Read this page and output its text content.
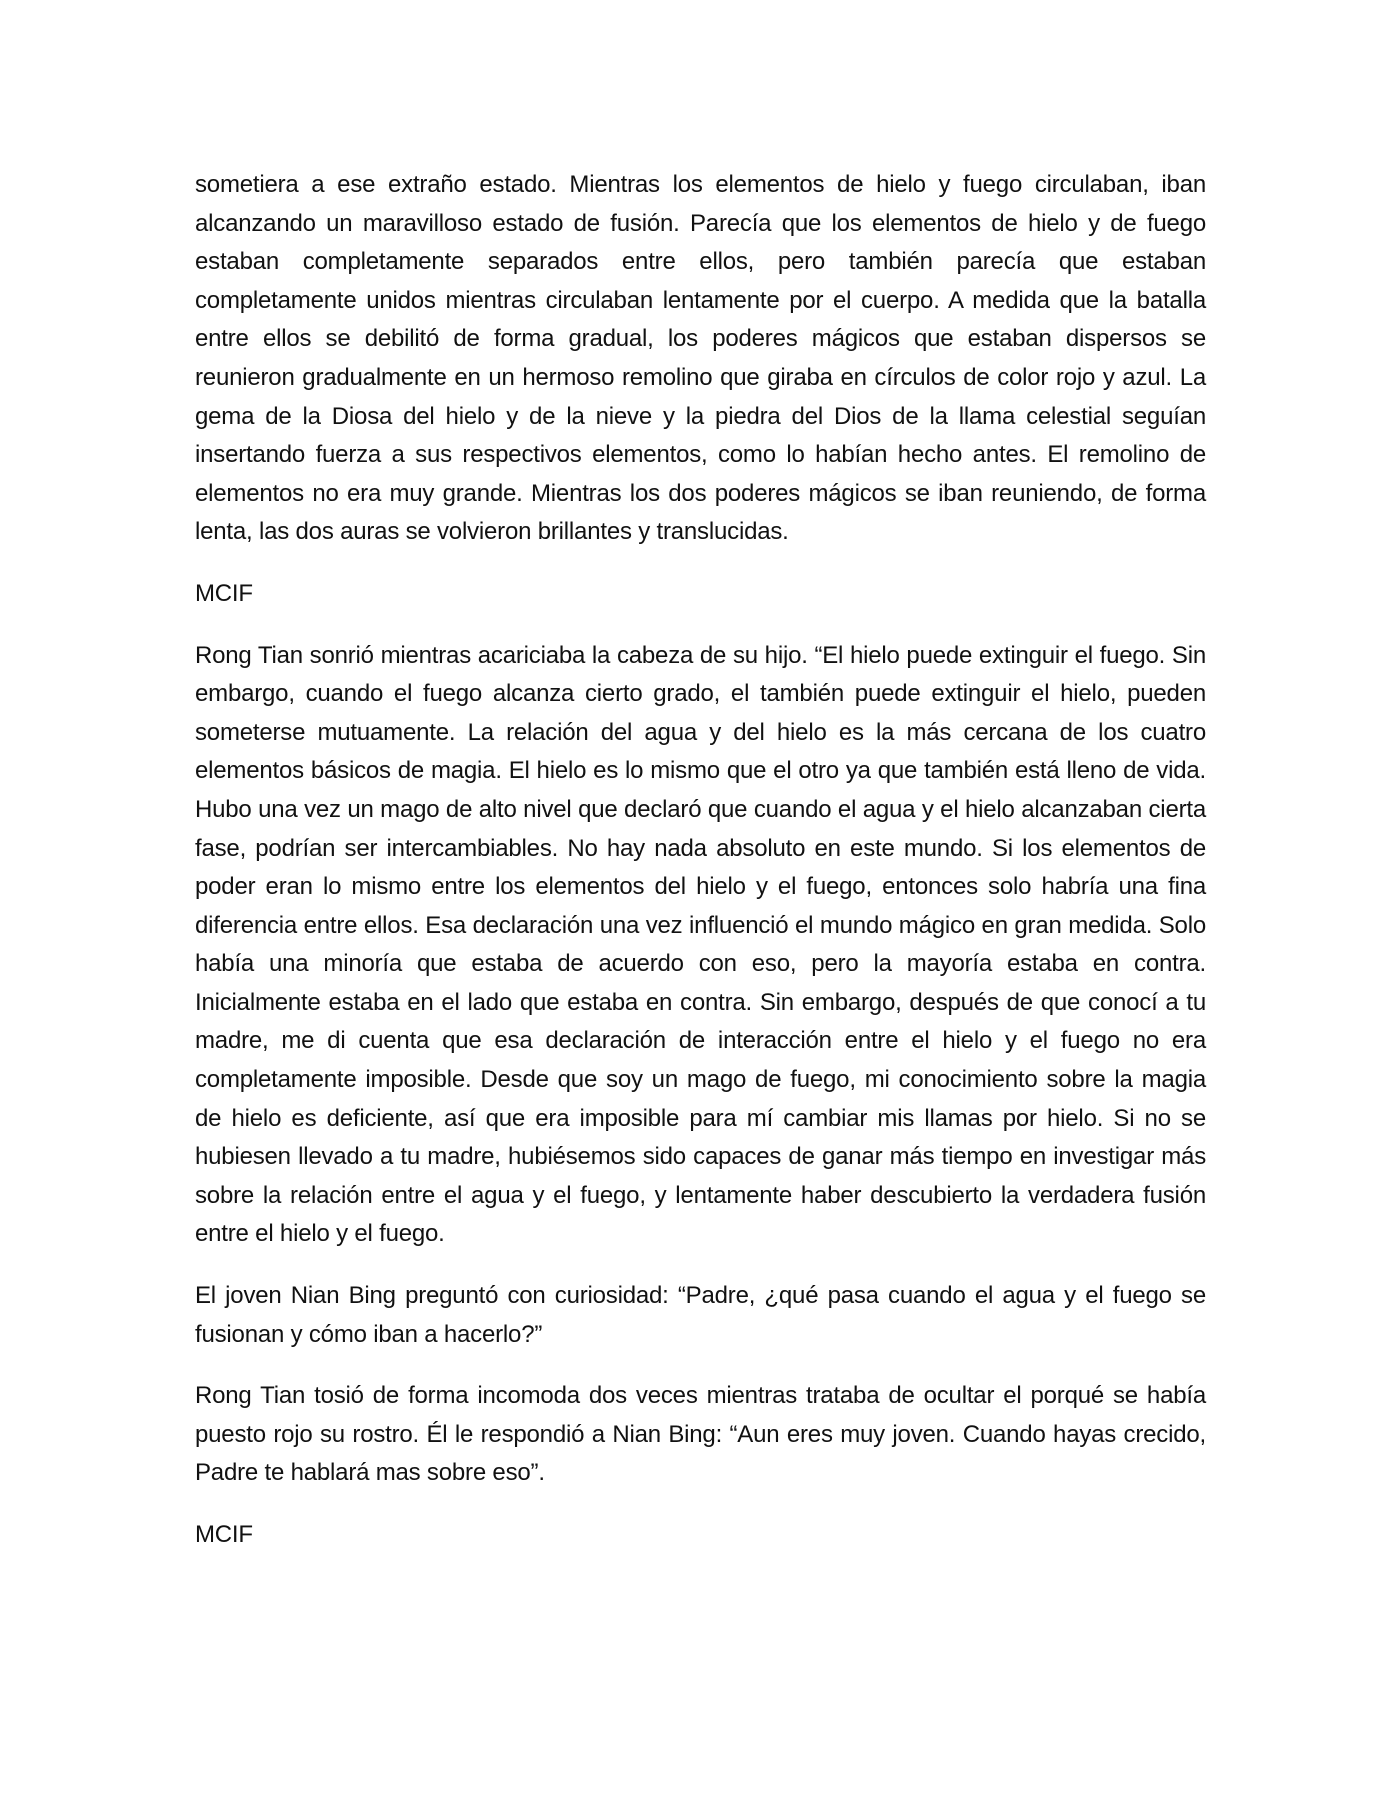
sometiera a ese extraño estado. Mientras los elementos de hielo y fuego circulaban, iban alcanzando un maravilloso estado de fusión. Parecía que los elementos de hielo y de fuego estaban completamente separados entre ellos, pero también parecía que estaban completamente unidos mientras circulaban lentamente por el cuerpo. A medida que la batalla entre ellos se debilitó de forma gradual, los poderes mágicos que estaban dispersos se reunieron gradualmente en un hermoso remolino que giraba en círculos de color rojo y azul. La gema de la Diosa del hielo y de la nieve y la piedra del Dios de la llama celestial seguían insertando fuerza a sus respectivos elementos, como lo habían hecho antes. El remolino de elementos no era muy grande. Mientras los dos poderes mágicos se iban reuniendo, de forma lenta, las dos auras se volvieron brillantes y translucidas.

MCIF

Rong Tian sonrió mientras acariciaba la cabeza de su hijo. “El hielo puede extinguir el fuego. Sin embargo, cuando el fuego alcanza cierto grado, el también puede extinguir el hielo, pueden someterse mutuamente. La relación del agua y del hielo es la más cercana de los cuatro elementos básicos de magia. El hielo es lo mismo que el otro ya que también está lleno de vida. Hubo una vez un mago de alto nivel que declaró que cuando el agua y el hielo alcanzaban cierta fase, podrían ser intercambiables. No hay nada absoluto en este mundo. Si los elementos de poder eran lo mismo entre los elementos del hielo y el fuego, entonces solo habría una fina diferencia entre ellos. Esa declaración una vez influenció el mundo mágico en gran medida. Solo había una minoría que estaba de acuerdo con eso, pero la mayoría estaba en contra. Inicialmente estaba en el lado que estaba en contra. Sin embargo, después de que conocí a tu madre, me di cuenta que esa declaración de interacción entre el hielo y el fuego no era completamente imposible. Desde que soy un mago de fuego, mi conocimiento sobre la magia de hielo es deficiente, así que era imposible para mí cambiar mis llamas por hielo. Si no se hubiesen llevado a tu madre, hubiésemos sido capaces de ganar más tiempo en investigar más sobre la relación entre el agua y el fuego, y lentamente haber descubierto la verdadera fusión entre el hielo y el fuego.

El joven Nian Bing preguntó con curiosidad: “Padre, ¿qué pasa cuando el agua y el fuego se fusionan y cómo iban a hacerlo?”

Rong Tian tosió de forma incomoda dos veces mientras trataba de ocultar el porqué se había puesto rojo su rostro. Él le respondió a Nian Bing: “Aun eres muy joven. Cuando hayas crecido, Padre te hablará mas sobre eso”.

MCIF
